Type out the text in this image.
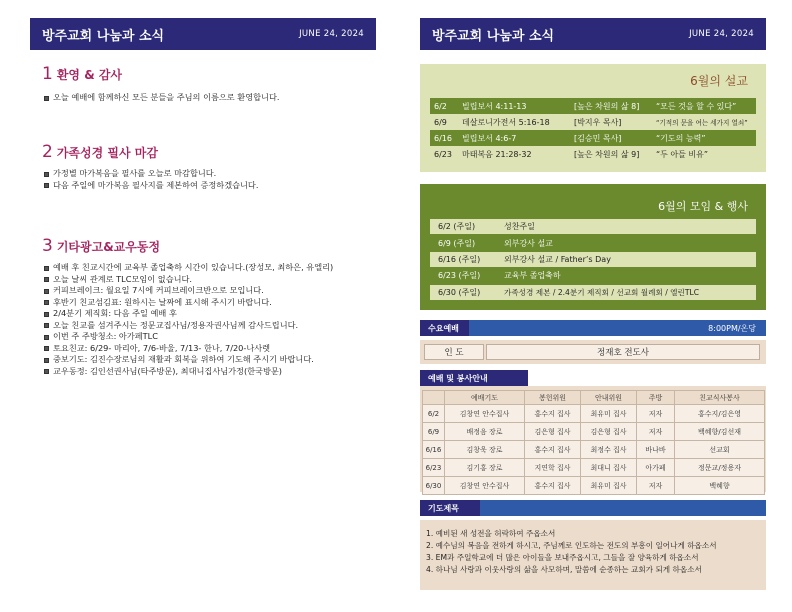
방주교회 나눔과 소식	JUNE 24, 2024
1 환영 & 감사
오늘 예배에 함께하신 모든 분들을 주님의 이름으로 환영합니다.
2 가족성경 필사 마감
가정별 마가복음을 필사를 오늘로 마감합니다.
다음 주일에 마가복음 필사지를 제본하여 증정하겠습니다.
3 기타광고&교우동정
예배 후 친교시간에 교육부 졸업축하 시간이 있습니다.(장성모, 최하은, 유엘리)
오늘 날씨 관계로 TLC모임이 없습니다.
커피브레이크: 월요일 7시에 커피브레이크반으로 모입니다.
후반기 친교섬김표: 원하시는 날짜에 표시해 주시기 바랍니다.
2/4분기 제직회: 다음 주일 예배 후
오늘 친교를 섬겨주시는 정문교집사님/정용자권사님께 감사드립니다.
이번 주 주방청소: 아가페TLC
토요친교: 6/29- 마리아, 7/6-바울, 7/13- 한나, 7/20-나사렛
중보기도: 김진수장로님의 재활과 회복을 위하여 기도해 주시기 바랍니다.
교우동정: 김인선권사님(타주방문), 최대니집사님가정(한국방문)
방주교회 나눔과 소식	JUNE 24, 2024
6월의 설교
6/2	빌립보서 4:11-13	[높은 차원의 삶 8]	“모든 것을 할 수 있다”
6/9	데살로니가전서 5:16-18	[박지우 목사]	“기적의 문을 여는 세가지 열쇠”
6/16	빌립보서 4:6-7	[김승민 목사]	“기도의 능력”
6/23	마태복음 21:28-32	[높은 차원의 삶 9]	“두 아들 비유”
6월의 모임 & 행사
6/2 (주일)	성찬주일
6/9 (주일)	외부강사 설교
6/16 (주일)	외부강사 설교 / Father’s Day
6/23 (주일)	교육부 졸업축하
6/30 (주일)	가족성경 제본 / 2.4분기 제직회 / 선교회 월례회 / 엘린TLC
수요예배	8:00PM/온당
인 도	정재호 전도사
예배 및 봉사안내
	예배기도	봉헌위원	안내위원	주방	친교식사봉사
6/2	김창연 안수집사	홍수지 집사	최유미 집사	저자	홍수지/김은영
6/9	배정음 장로	김은형 집사	김은형 집사	저자	백혜향/김선재
6/16	김창욱 장로	홍수지 집사	최정수 집사	바나바	선교회
6/23	김기홍 장로	지연학 집사	최대니 집사	아가페	정문교/정용자
6/30	김창연 안수집사	홍수지 집사	최유미 집사	저자	백혜향
기도제목

1. 예비된 새 성전을 허락하여 주옵소서

2. 예수님의 복음을 전하게 하시고, 주님께로 인도하는 전도의 부흥이 일어나게 하옵소서

3. EM과 주일학교에 더 많은 아이들을 보내주옵시고, 그들을 잘 양육하게 하옵소서

4. 하나님 사랑과 이웃사랑의 삶을 사모하며, 말씀에 순종하는 교회가 되게 하옵소서
